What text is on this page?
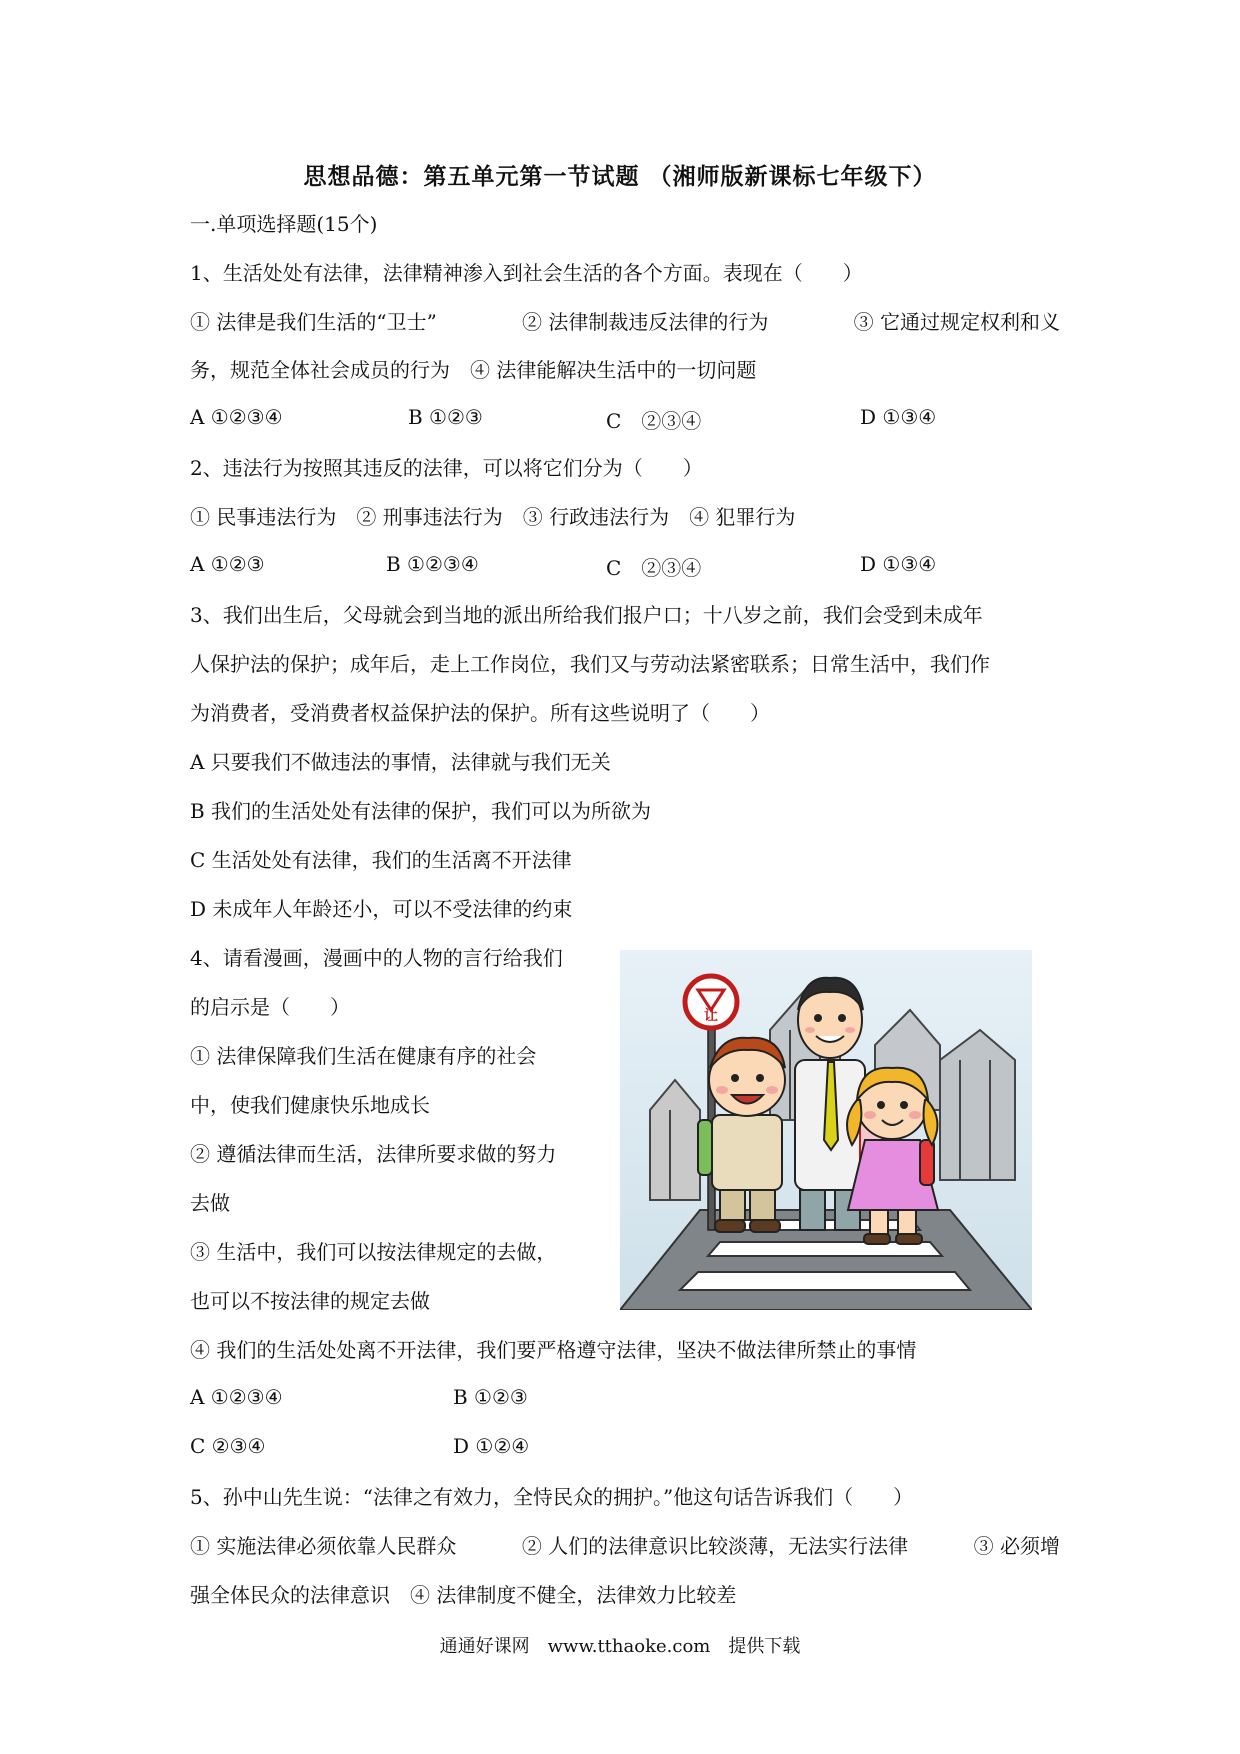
思想品德：第五单元第一节试题 （湘师版新课标七年级下）
一.单项选择题(15个)
1、生活处处有法律，法律精神渗入到社会生活的各个方面。表现在（　　）
① 法律是我们生活的“卫士”	② 法律制裁违反法律的行为	③ 它通过规定权利和义
务，规范全体社会成员的行为　④ 法律能解决生活中的一切问题
A ①②③④	B ①②③	C　②③④	D ①③④
2、违法行为按照其违反的法律，可以将它们分为（　　）
① 民事违法行为　② 刑事违法行为　③ 行政违法行为　④ 犯罪行为
A ①②③	B ①②③④	C　②③④	D ①③④
3、我们出生后，父母就会到当地的派出所给我们报户口；十八岁之前，我们会受到未成年
人保护法的保护；成年后，走上工作岗位，我们又与劳动法紧密联系；日常生活中，我们作
为消费者，受消费者权益保护法的保护。所有这些说明了（　　）
A 只要我们不做违法的事情，法律就与我们无关
B 我们的生活处处有法律的保护，我们可以为所欲为
C 生活处处有法律，我们的生活离不开法律
D 未成年人年龄还小，可以不受法律的约束
4、请看漫画，漫画中的人物的言行给我们
的启示是（　　）
① 法律保障我们生活在健康有序的社会
中，使我们健康快乐地成长
② 遵循法律而生活，法律所要求做的努力
去做
③ 生活中，我们可以按法律规定的去做，
也可以不按法律的规定去做
④ 我们的生活处处离不开法律，我们要严格遵守法律，坚决不做法律所禁止的事情
A ①②③④	B ①②③
C ②③④	D ①②④
让
5、孙中山先生说：“法律之有效力，全恃民众的拥护。”他这句话告诉我们（　　）
① 实施法律必须依靠人民群众	② 人们的法律意识比较淡薄，无法实行法律	③ 必须增
强全体民众的法律意识　④ 法律制度不健全，法律效力比较差
通通好课网　www.tthaoke.com　提供下载
